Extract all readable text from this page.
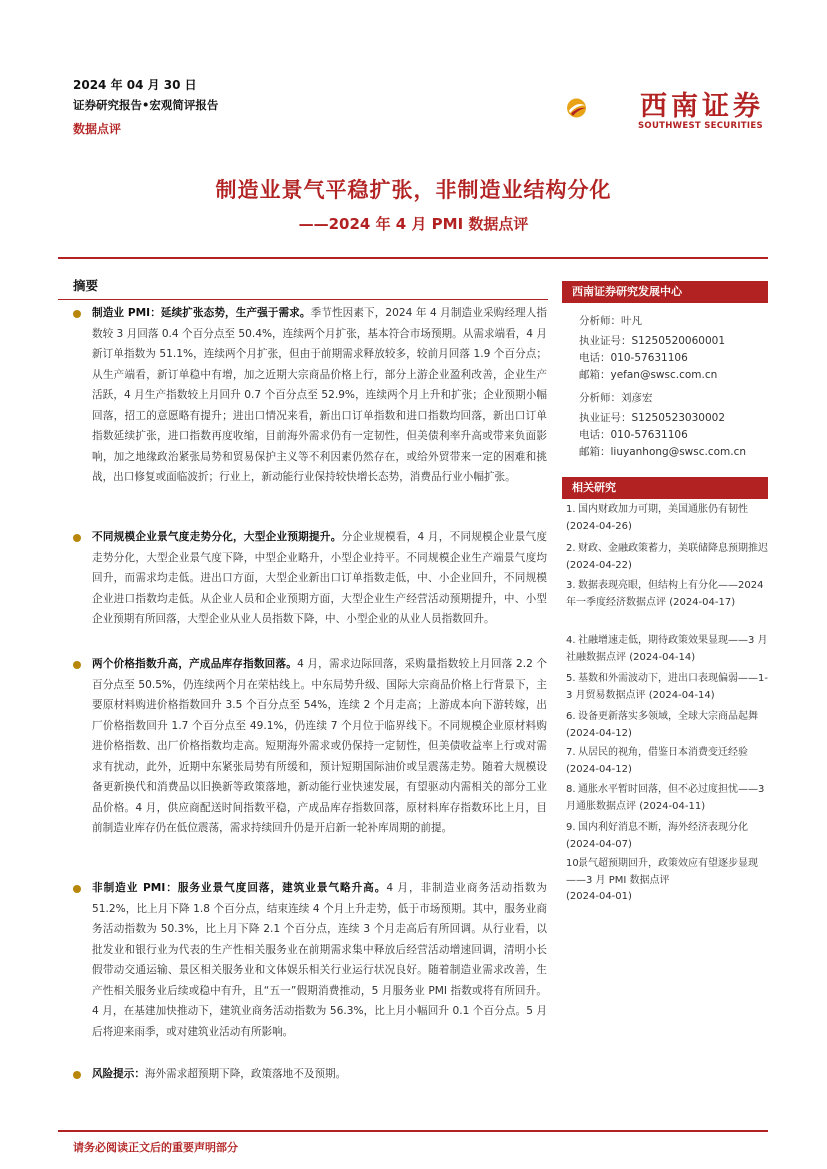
2024 年 04 月 30 日
证券研究报告•宏观简评报告
数据点评
西南证券
SOUTHWEST SECURITIES
制造业景气平稳扩张，非制造业结构分化
——2024 年 4 月 PMI 数据点评
摘要
制造业 PMI：延续扩张态势，生产强于需求。季节性因素下，2024 年 4 月制造业采购经理人指数较 3 月回落 0.4 个百分点至 50.4%，连续两个月扩张，基本符合市场预期。从需求端看，4 月新订单指数为 51.1%，连续两个月扩张，但由于前期需求释放较多，较前月回落 1.9 个百分点；从生产端看，新订单稳中有增，加之近期大宗商品价格上行，部分上游企业盈利改善，企业生产活跃，4 月生产指数较上月回升 0.7 个百分点至 52.9%，连续两个月上升和扩张；企业预期小幅回落，招工的意愿略有提升；进出口情况来看，新出口订单指数和进口指数均回落，新出口订单指数延续扩张，进口指数再度收缩，目前海外需求仍有一定韧性，但美债利率升高或带来负面影响，加之地缘政治紧张局势和贸易保护主义等不利因素仍然存在，或给外贸带来一定的困难和挑战，出口修复或面临波折；行业上，新动能行业保持较快增长态势，消费品行业小幅扩张。
不同规模企业景气度走势分化，大型企业预期提升。分企业规模看，4 月，不同规模企业景气度走势分化，大型企业景气度下降，中型企业略升，小型企业持平。不同规模企业生产端景气度均回升，而需求均走低。进出口方面，大型企业新出口订单指数走低，中、小企业回升，不同规模企业进口指数均走低。从企业人员和企业预期方面，大型企业生产经营活动预期提升，中、小型企业预期有所回落，大型企业从业人员指数下降，中、小型企业的从业人员指数回升。
两个价格指数升高，产成品库存指数回落。4 月，需求边际回落，采购量指数较上月回落 2.2 个百分点至 50.5%，仍连续两个月在荣枯线上。中东局势升级、国际大宗商品价格上行背景下，主要原材料购进价格指数回升 3.5 个百分点至 54%，连续 2 个月走高；上游成本向下游转嫁，出厂价格指数回升 1.7 个百分点至 49.1%，仍连续 7 个月位于临界线下。不同规模企业原材料购进价格指数、出厂价格指数均走高。短期海外需求或仍保持一定韧性，但美债收益率上行或对需求有扰动，此外，近期中东紧张局势有所缓和，预计短期国际油价或呈震荡走势。随着大规模设备更新换代和消费品以旧换新等政策落地，新动能行业快速发展，有望驱动内需相关的部分工业品价格。4 月，供应商配送时间指数平稳，产成品库存指数回落，原材料库存指数环比上月，目前制造业库存仍在低位震荡，需求持续回升仍是开启新一轮补库周期的前提。
非制造业 PMI：服务业景气度回落，建筑业景气略升高。4 月，非制造业商务活动指数为 51.2%，比上月下降 1.8 个百分点，结束连续 4 个月上升走势，低于市场预期。其中，服务业商务活动指数为 50.3%，比上月下降 2.1 个百分点，连续 3 个月走高后有所回调。从行业看，以批发业和银行业为代表的生产性相关服务业在前期需求集中释放后经营活动增速回调，清明小长假带动交通运输、景区相关服务业和文体娱乐相关行业运行状况良好。随着制造业需求改善，生产性相关服务业后续或稳中有升，且“五一”假期消费推动，5 月服务业 PMI 指数或将有所回升。4 月，在基建加快推动下，建筑业商务活动指数为 56.3%，比上月小幅回升 0.1 个百分点。5 月后将迎来雨季，或对建筑业活动有所影响。
风险提示：海外需求超预期下降，政策落地不及预期。
西南证券研究发展中心
分析师：叶凡
执业证号：S1250520060001
电话：010-57631106
邮箱：yefan@swsc.com.cn
分析师：刘彦宏
执业证号：S1250523030002
电话：010-57631106
邮箱：liuyanhong@swsc.com.cn
相关研究
1. 国内财政加力可期，美国通胀仍有韧性
(2024-04-26)
2. 财政、金融政策蓄力，美联储降息预期推迟 (2024-04-22)
3. 数据表现亮眼，但结构上有分化——2024 年一季度经济数据点评 (2024-04-17)
4. 社融增速走低，期待政策效果显现——3 月社融数据点评 (2024-04-14)
5. 基数和外需波动下，进出口表现偏弱——1-3 月贸易数据点评 (2024-04-14)
6. 设备更新落实多领域，全球大宗商品起舞
(2024-04-12)
7. 从居民的视角，借鉴日本消费变迁经验
(2024-04-12)
8. 通胀水平暂时回落，但不必过度担忧——3 月通胀数据点评 (2024-04-11)
9. 国内利好消息不断，海外经济表现分化
(2024-04-07)
10.景气超预期回升，政策效应有望逐步显现——3 月 PMI 数据点评
(2024-04-01)
请务必阅读正文后的重要声明部分
